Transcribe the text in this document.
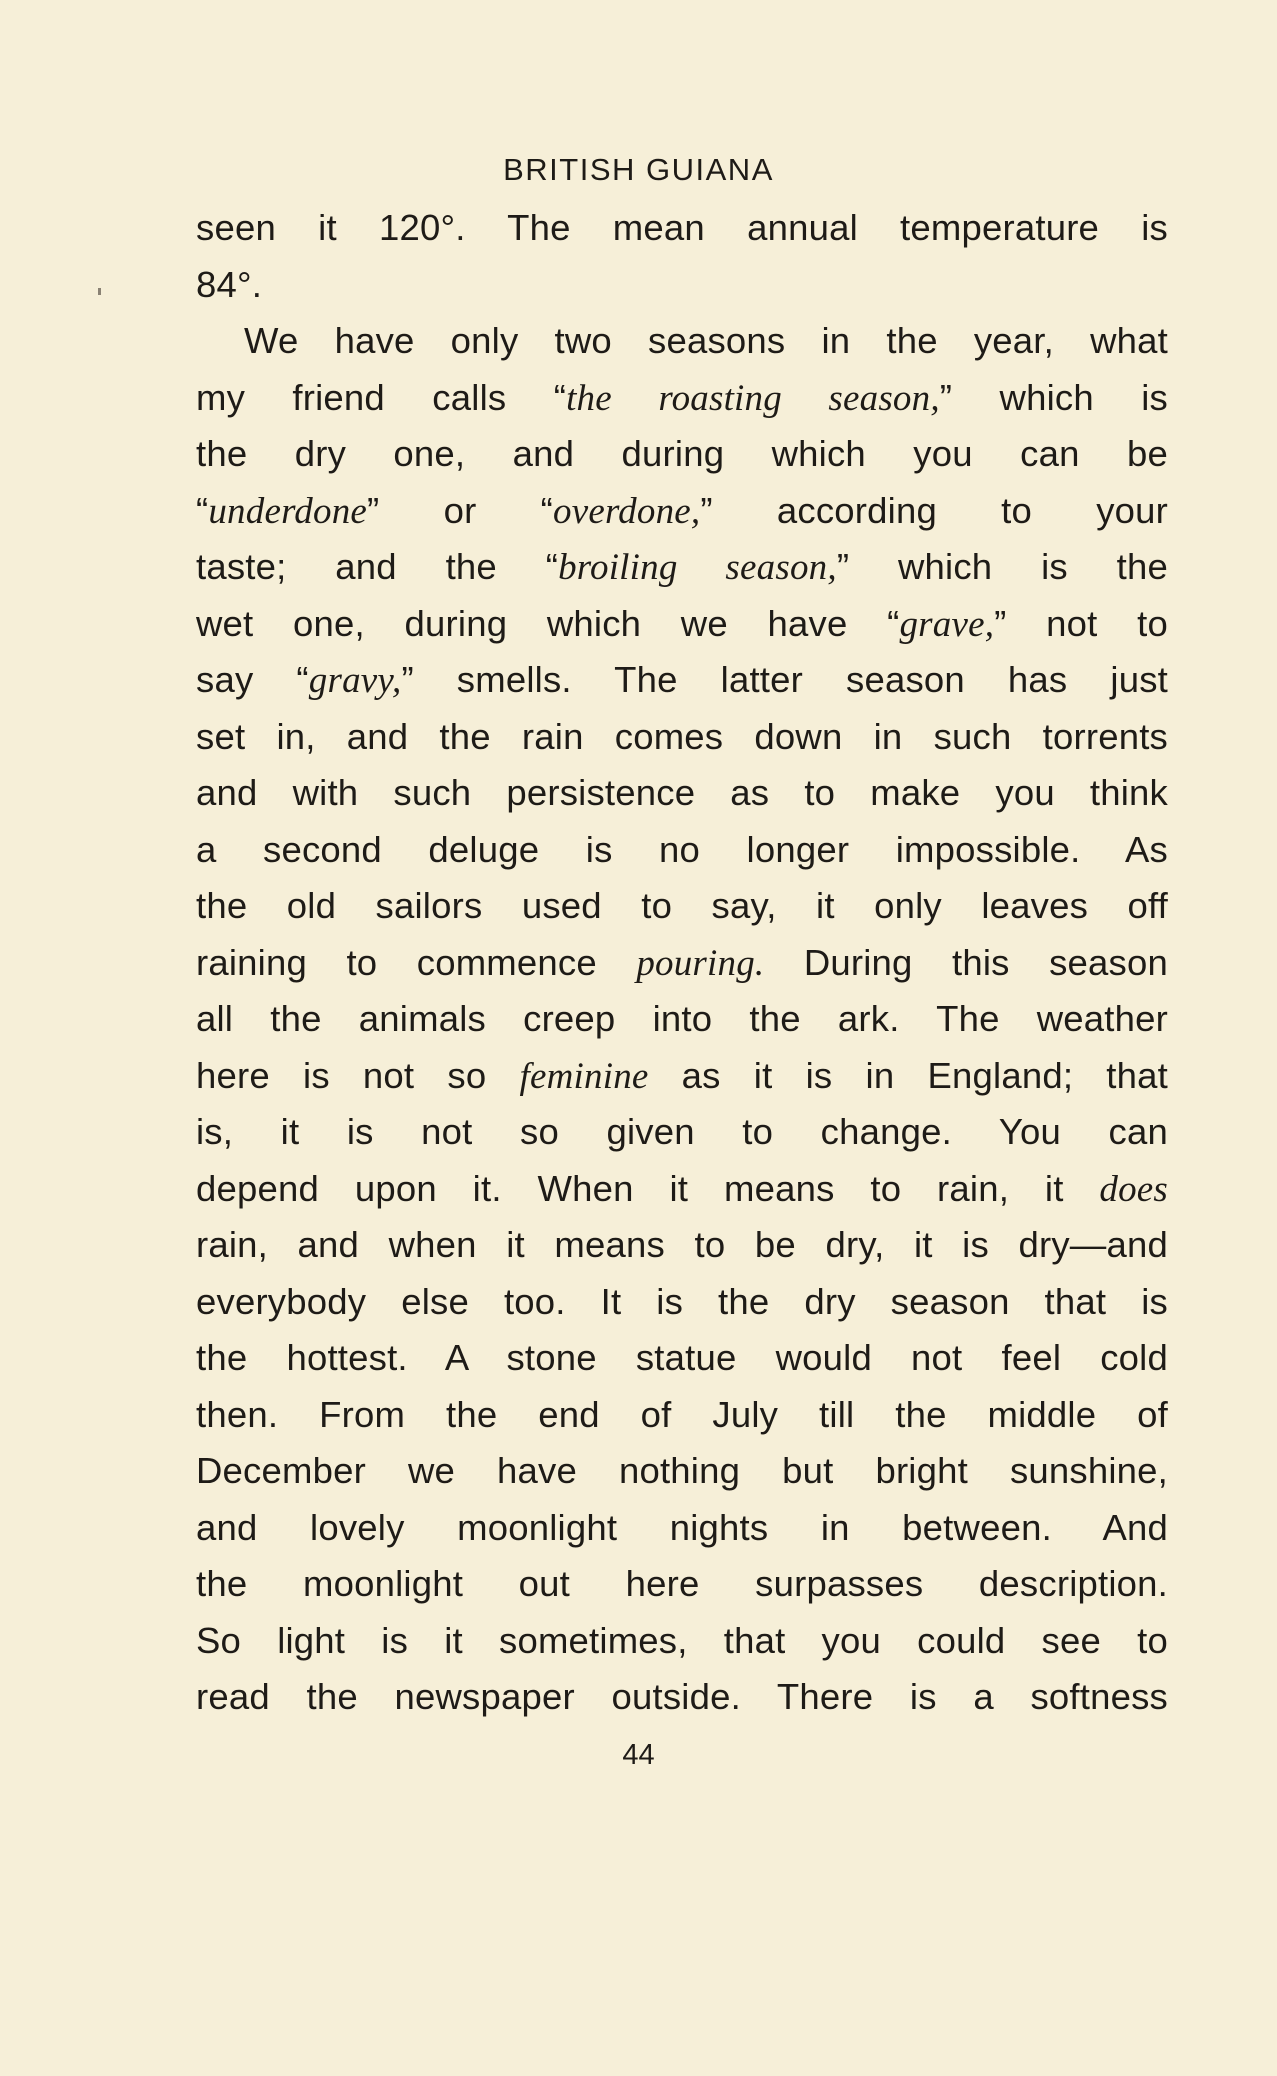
BRITISH GUIANA
seen it 120°. The mean annual temperature is
84°.
We have only two seasons in the year, what
my friend calls “the roasting season,” which is
the dry one, and during which you can be
“underdone” or “overdone,” according to your
taste; and the “broiling season,” which is the
wet one, during which we have “grave,” not to
say “gravy,” smells. The latter season has just
set in, and the rain comes down in such torrents
and with such persistence as to make you think
a second deluge is no longer impossible. As
the old sailors used to say, it only leaves off
raining to commence pouring. During this season
all the animals creep into the ark. The weather
here is not so feminine as it is in England; that
is, it is not so given to change. You can
depend upon it. When it means to rain, it does
rain, and when it means to be dry, it is dry—and
everybody else too. It is the dry season that is
the hottest. A stone statue would not feel cold
then. From the end of July till the middle of
December we have nothing but bright sunshine,
and lovely moonlight nights in between. And
the moonlight out here surpasses description.
So light is it sometimes, that you could see to
read the newspaper outside. There is a softness
44
